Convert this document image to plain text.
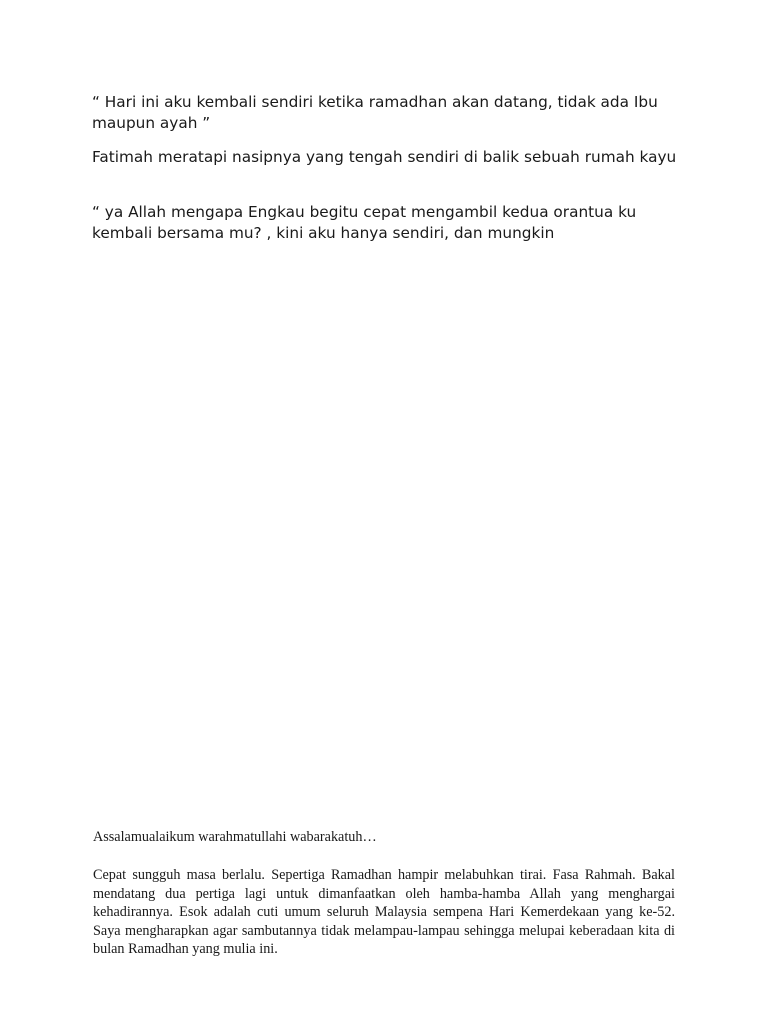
“ Hari ini aku kembali sendiri ketika ramadhan akan datang, tidak ada Ibu maupun ayah ”

Fatimah meratapi nasipnya yang tengah sendiri di balik sebuah rumah kayu

“ ya Allah mengapa Engkau begitu cepat mengambil kedua orantua ku kembali bersama mu? , kini aku hanya sendiri, dan mungkin

Assalamualaikum warahmatullahi wabarakatuh…

Cepat sungguh masa berlalu. Sepertiga Ramadhan hampir melabuhkan tirai. Fasa Rahmah. Bakal mendatang dua pertiga lagi untuk dimanfaatkan oleh hamba-hamba Allah yang menghargai kehadirannya. Esok adalah cuti umum seluruh Malaysia sempena Hari Kemerdekaan yang ke-52. Saya mengharapkan agar sambutannya tidak melampau-lampau sehingga melupai keberadaan kita di bulan Ramadhan yang mulia ini.
